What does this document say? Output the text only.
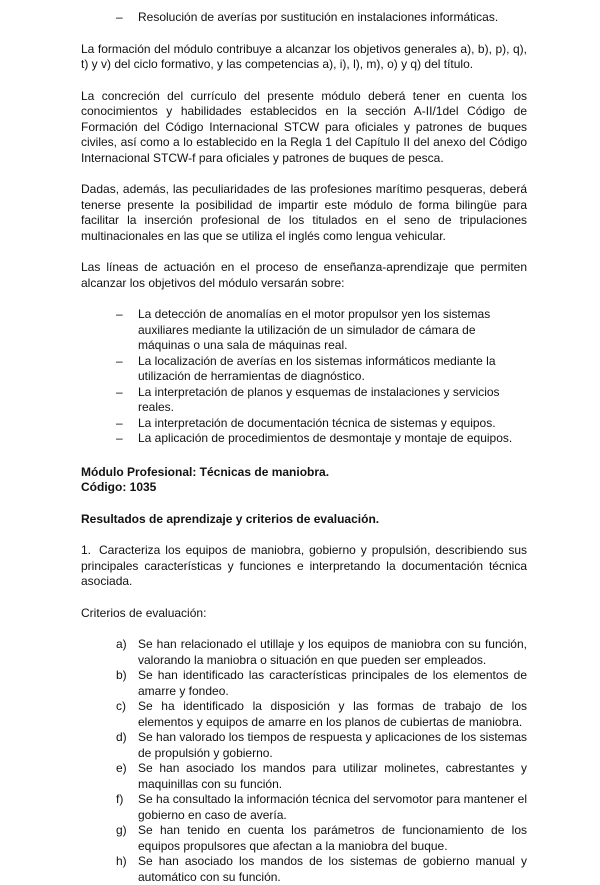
– Resolución de averías por sustitución en instalaciones informáticas.

La formación del módulo contribuye a alcanzar los objetivos generales a), b), p), q), t) y v) del ciclo formativo, y las competencias a), i), l), m), o) y q) del título.

La concreción del currículo del presente módulo deberá tener en cuenta los conocimientos y habilidades establecidos en la sección A-II/1del Código de Formación del Código Internacional STCW para oficiales y patrones de buques civiles, así como a lo establecido en la Regla 1 del Capítulo II del anexo del Código Internacional STCW-f para oficiales y patrones de buques de pesca.

Dadas, además, las peculiaridades de las profesiones marítimo pesqueras, deberá tenerse presente la posibilidad de impartir este módulo de forma bilingüe para facilitar la inserción profesional de los titulados en el seno de tripulaciones multinacionales en las que se utiliza el inglés como lengua vehicular.

Las líneas de actuación en el proceso de enseñanza-aprendizaje que permiten alcanzar los objetivos del módulo versarán sobre:

– La detección de anomalías en el motor propulsor yen los sistemas auxiliares mediante la utilización de un simulador de cámara de máquinas o una sala de máquinas real.
– La localización de averías en los sistemas informáticos mediante la utilización de herramientas de diagnóstico.
– La interpretación de planos y esquemas de instalaciones y servicios reales.
– La interpretación de documentación técnica de sistemas y equipos.
– La aplicación de procedimientos de desmontaje y montaje de equipos.

Módulo Profesional: Técnicas de maniobra.

Código: 1035

Resultados de aprendizaje y criterios de evaluación.

1. Caracteriza los equipos de maniobra, gobierno y propulsión, describiendo sus principales características y funciones e interpretando la documentación técnica asociada.

Criterios de evaluación:

a) Se han relacionado el utillaje y los equipos de maniobra con su función, valorando la maniobra o situación en que pueden ser empleados.
b) Se han identificado las características principales de los elementos de amarre y fondeo.
c) Se ha identificado la disposición y las formas de trabajo de los elementos y equipos de amarre en los planos de cubiertas de maniobra.
d) Se han valorado los tiempos de respuesta y aplicaciones de los sistemas de propulsión y gobierno.
e) Se han asociado los mandos para utilizar molinetes, cabrestantes y maquinillas con su función.
f) Se ha consultado la información técnica del servomotor para mantener el gobierno en caso de avería.
g) Se han tenido en cuenta los parámetros de funcionamiento de los equipos propulsores que afectan a la maniobra del buque.
h) Se han asociado los mandos de los sistemas de gobierno manual y automático con su función.
